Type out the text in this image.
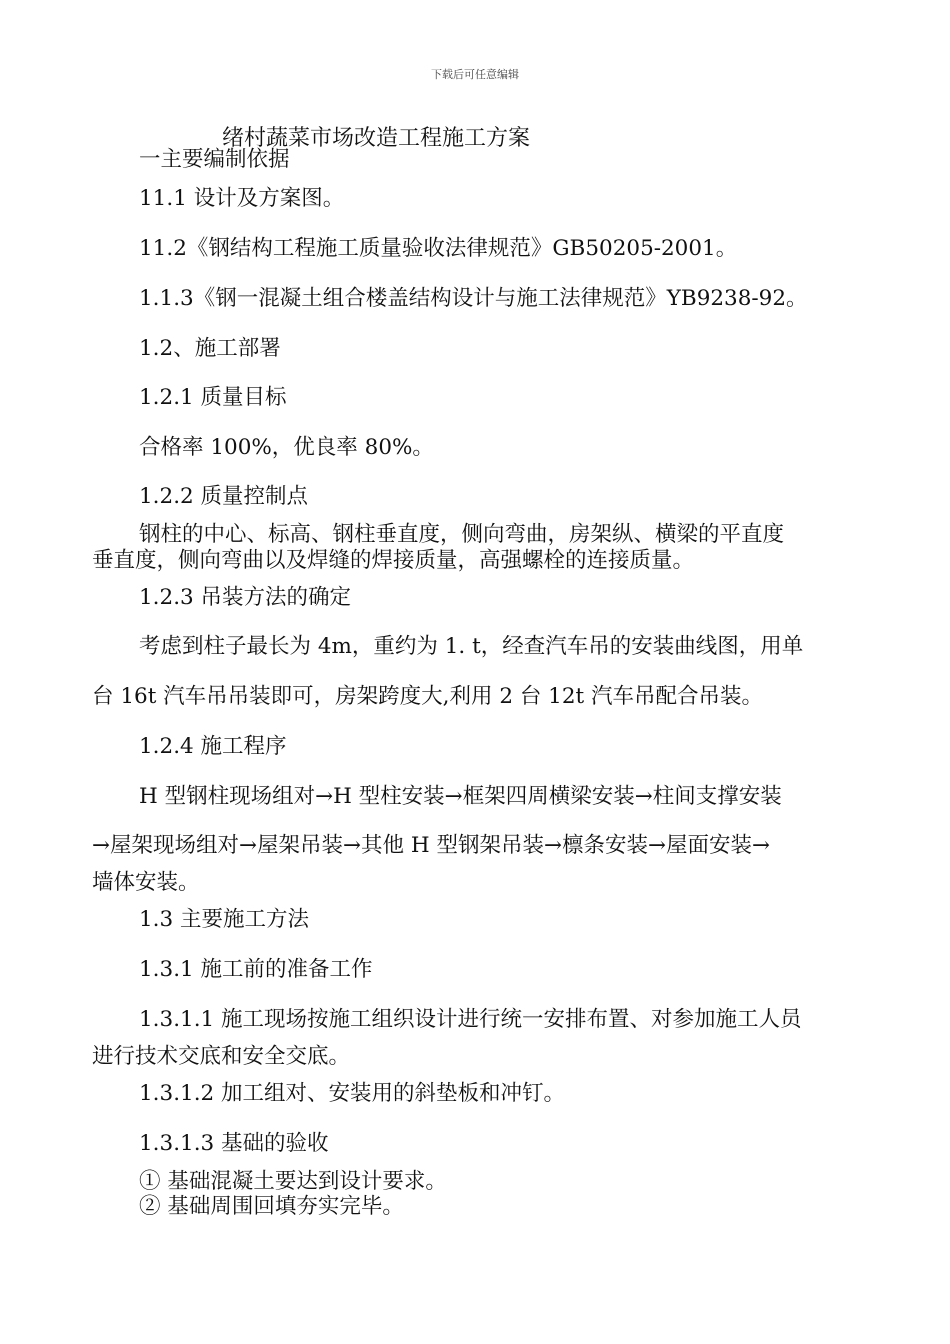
下载后可任意编辑
绪村蔬菜市场改造工程施工方案
一主要编制依据
11.1 设计及方案图。
11.2《钢结构工程施工质量验收法律规范》GB50205-2001。
1.1.3《钢一混凝土组合楼盖结构设计与施工法律规范》YB9238-92。
1.2、施工部署
1.2.1 质量目标
合格率 100%，优良率 80%。
1.2.2 质量控制点
钢柱的中心、标高、钢柱垂直度，侧向弯曲，房架纵、横梁的平直度
垂直度，侧向弯曲以及焊缝的焊接质量，高强螺栓的连接质量。
1.2.3 吊装方法的确定
考虑到柱子最长为 4m，重约为 1. t，经查汽车吊的安装曲线图，用单
台 16t 汽车吊吊装即可，房架跨度大,利用 2 台 12t 汽车吊配合吊装。
1.2.4 施工程序
H 型钢柱现场组对→H 型柱安装→框架四周横梁安装→柱间支撑安装
→屋架现场组对→屋架吊装→其他 H 型钢架吊装→檩条安装→屋面安装→
墙体安装。
1.3 主要施工方法
1.3.1 施工前的准备工作
1.3.1.1 施工现场按施工组织设计进行统一安排布置、对参加施工人员
进行技术交底和安全交底。
1.3.1.2 加工组对、安装用的斜垫板和冲钉。
1.3.1.3 基础的验收
① 基础混凝土要达到设计要求。
② 基础周围回填夯实完毕。
